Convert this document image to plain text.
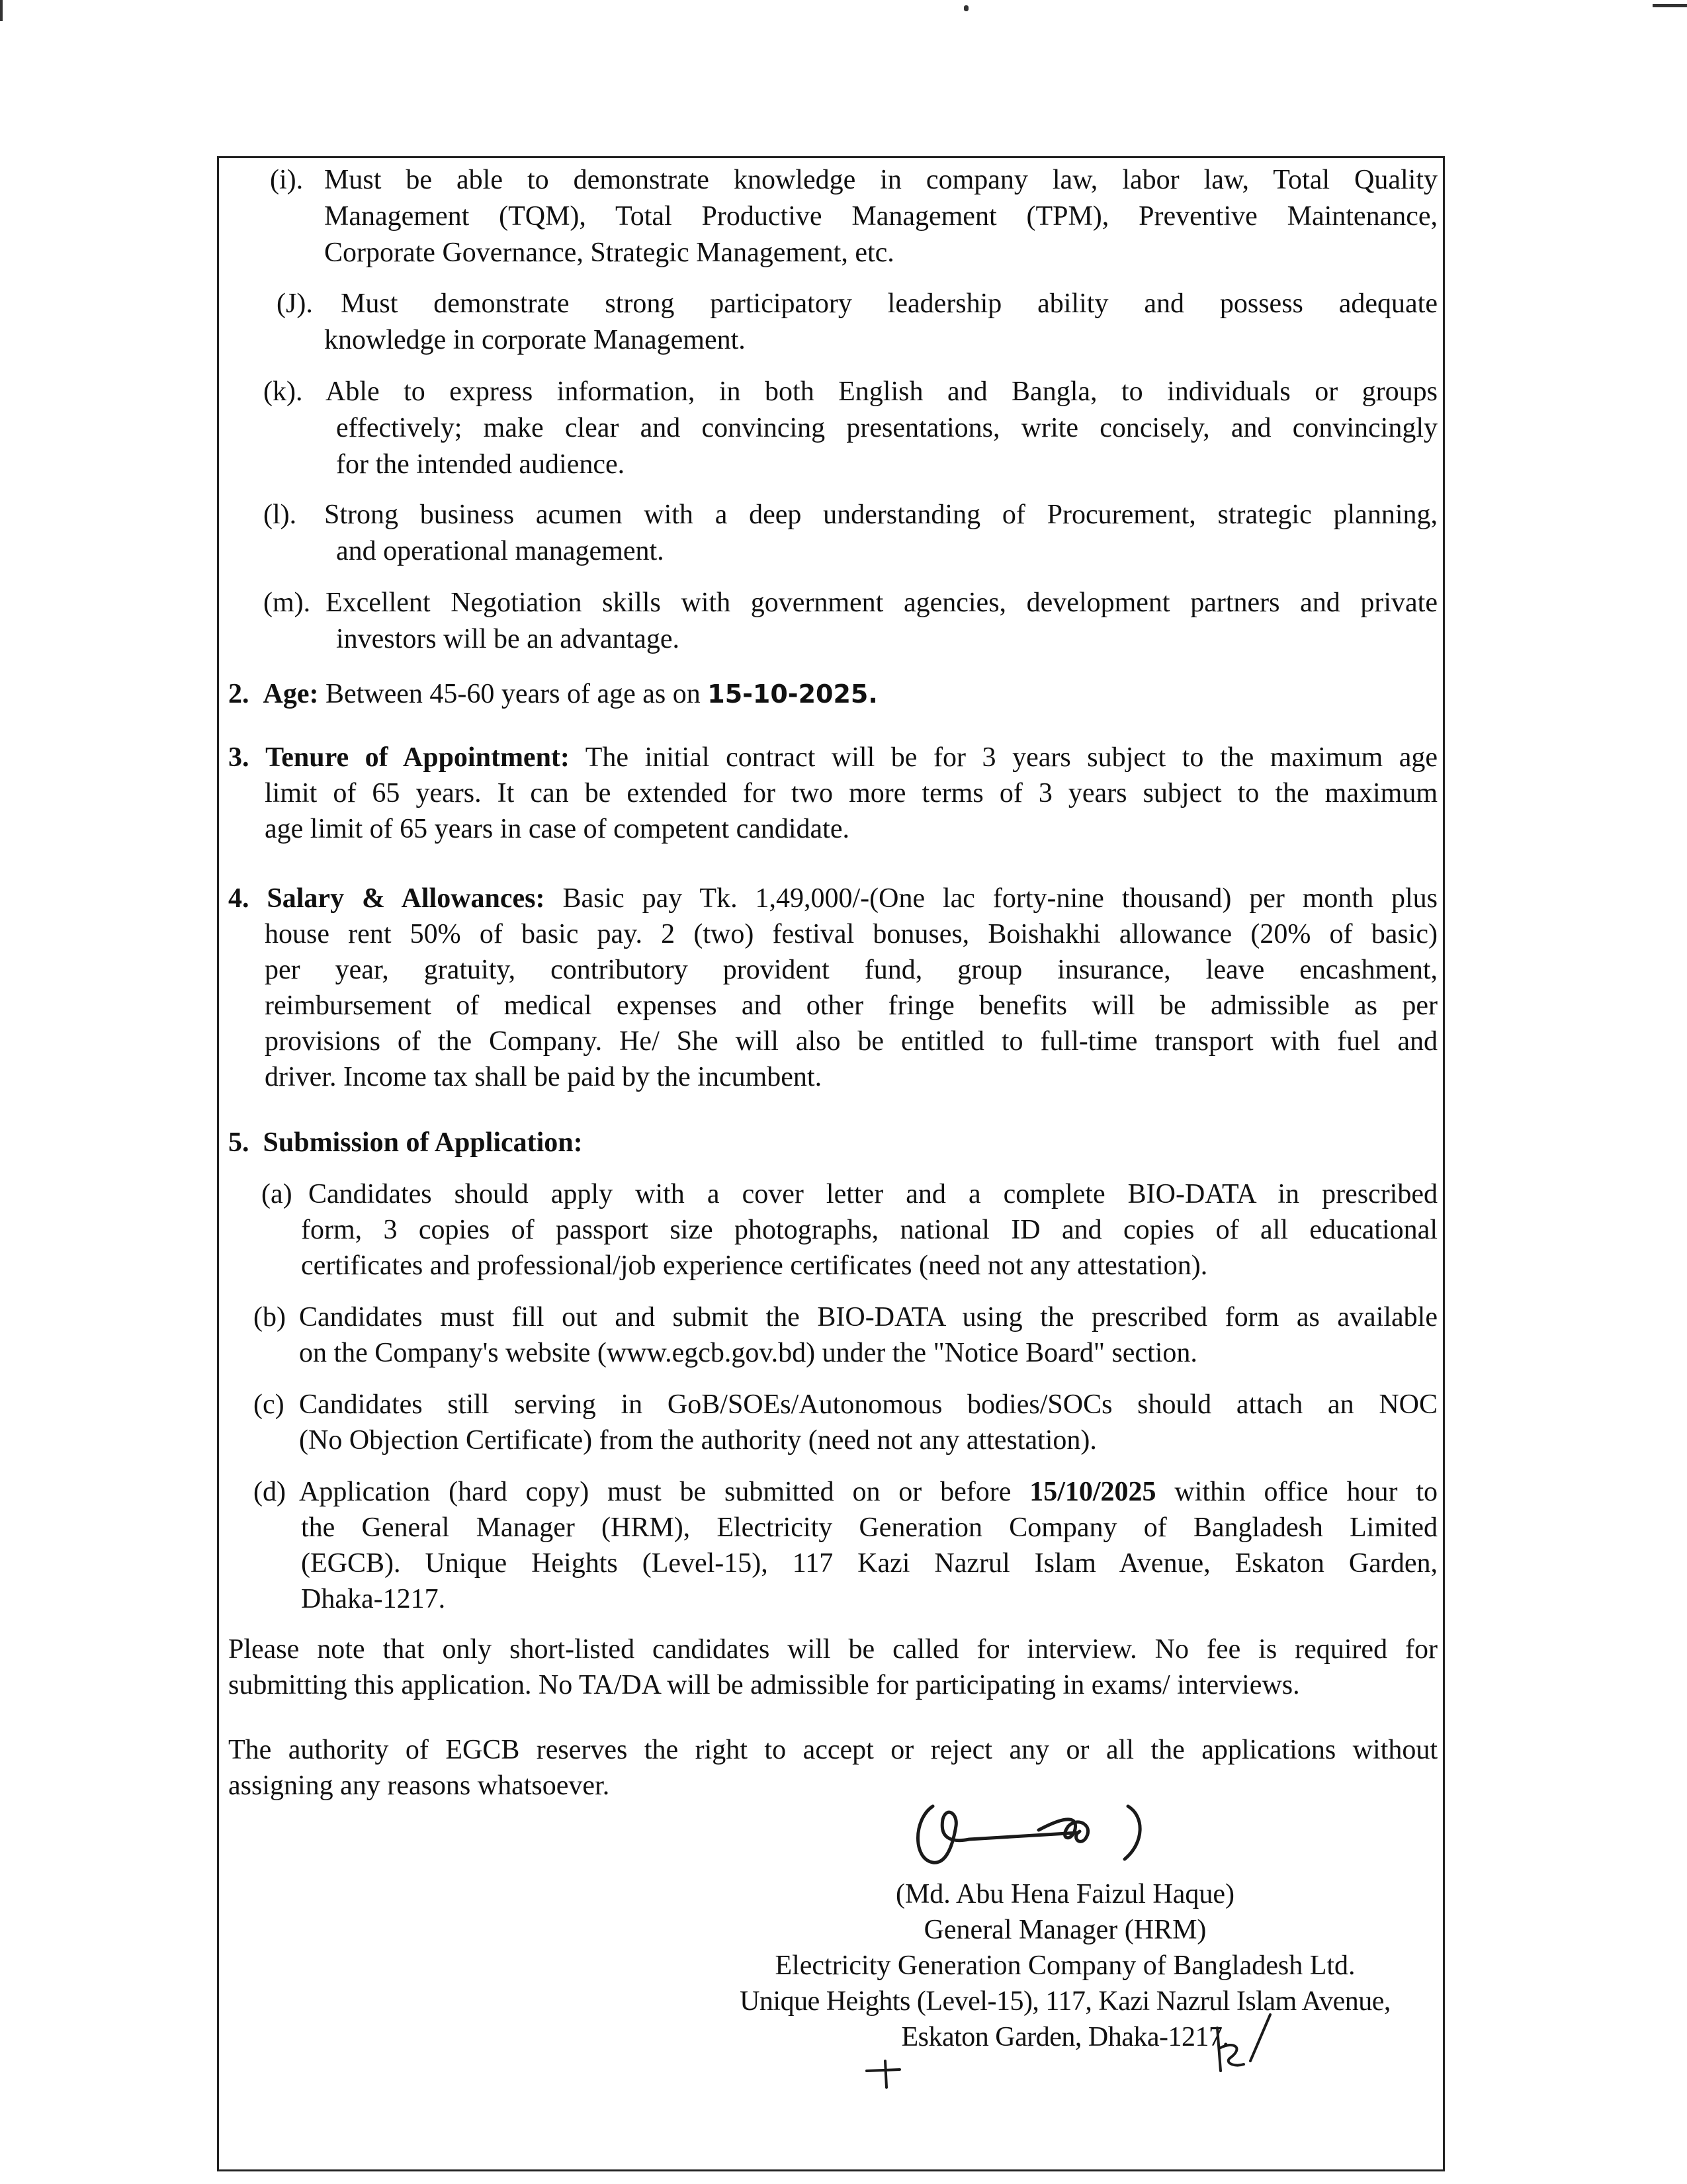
(i). Must be able to demonstrate knowledge in company law, labor law, Total Quality
Management (TQM), Total Productive Management (TPM), Preventive Maintenance,
Corporate Governance, Strategic Management, etc.
(J). Must demonstrate strong participatory leadership ability and possess adequate
knowledge in corporate Management.
(k). Able to express information, in both English and Bangla, to individuals or groups
effectively; make clear and convincing presentations, write concisely, and convincingly
for the intended audience.
(l). Strong business acumen with a deep understanding of Procurement, strategic planning,
and operational management.
(m). Excellent Negotiation skills with government agencies, development partners and private
investors will be an advantage.
2. Age: Between 45-60 years of age as on 15-10-2025.
3. Tenure of Appointment: The initial contract will be for 3 years subject to the maximum age
limit of 65 years. It can be extended for two more terms of 3 years subject to the maximum
age limit of 65 years in case of competent candidate.
4. Salary & Allowances: Basic pay Tk. 1,49,000/-(One lac forty-nine thousand) per month plus
house rent 50% of basic pay. 2 (two) festival bonuses, Boishakhi allowance (20% of basic)
per year, gratuity, contributory provident fund, group insurance, leave encashment,
reimbursement of medical expenses and other fringe benefits will be admissible as per
provisions of the Company. He/ She will also be entitled to full-time transport with fuel and
driver. Income tax shall be paid by the incumbent.
5. Submission of Application:
(a) Candidates should apply with a cover letter and a complete BIO-DATA in prescribed
form, 3 copies of passport size photographs, national ID and copies of all educational
certificates and professional/job experience certificates (need not any attestation).
(b) Candidates must fill out and submit the BIO-DATA using the prescribed form as available
on the Company's website (www.egcb.gov.bd) under the "Notice Board" section.
(c) Candidates still serving in GoB/SOEs/Autonomous bodies/SOCs should attach an NOC
(No Objection Certificate) from the authority (need not any attestation).
(d) Application (hard copy) must be submitted on or before 15/10/2025 within office hour to
the General Manager (HRM), Electricity Generation Company of Bangladesh Limited
(EGCB). Unique Heights (Level-15), 117 Kazi Nazrul Islam Avenue, Eskaton Garden,
Dhaka-1217.
Please note that only short-listed candidates will be called for interview. No fee is required for
submitting this application. No TA/DA will be admissible for participating in exams/ interviews.
The authority of EGCB reserves the right to accept or reject any or all the applications without
assigning any reasons whatsoever.
(Md. Abu Hena Faizul Haque)
General Manager (HRM)
Electricity Generation Company of Bangladesh Ltd.
Unique Heights (Level-15), 117, Kazi Nazrul Islam Avenue,
Eskaton Garden, Dhaka-1217.
